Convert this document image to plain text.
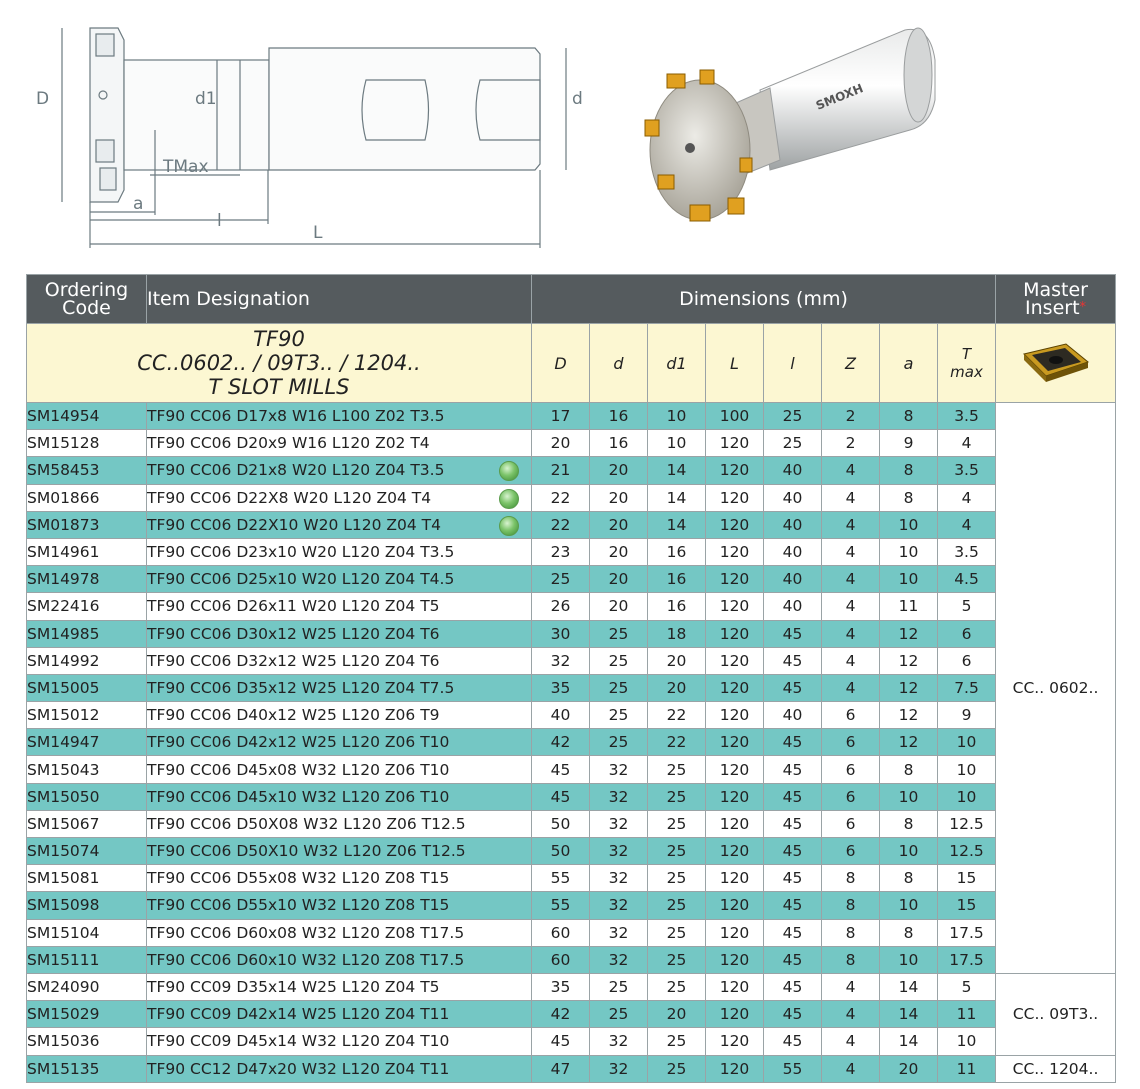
D	d1	d
TMax
a
l
L
SMOXH
Ordering
Code	Item Designation	Dimensions (mm)								Master
Insert*
TF90
CC..0602.. / 09T3.. / 1204..
T SLOT MILLS		D	d	d1	L	l	Z	a	T
max	
SM14954	TF90 CC06 D17x8 W16 L100 Z02 T3.5	17	16	10	100	25	2	8	3.5	CC.. 0602..
SM15128	TF90 CC06 D20x9 W16 L120 Z02 T4	20	16	10	120	25	2	9	4	
SM58453	TF90 CC06 D21x8 W20 L120 Z04 T3.5	21	20	14	120	40	4	8	3.5	
SM01866	TF90 CC06 D22X8 W20 L120 Z04 T4	22	20	14	120	40	4	8	4	
SM01873	TF90 CC06 D22X10 W20 L120 Z04 T4	22	20	14	120	40	4	10	4	
SM14961	TF90 CC06 D23x10 W20 L120 Z04 T3.5	23	20	16	120	40	4	10	3.5	
SM14978	TF90 CC06 D25x10 W20 L120 Z04 T4.5	25	20	16	120	40	4	10	4.5	
SM22416	TF90 CC06 D26x11 W20 L120 Z04 T5	26	20	16	120	40	4	11	5	
SM14985	TF90 CC06 D30x12 W25 L120 Z04 T6	30	25	18	120	45	4	12	6	
SM14992	TF90 CC06 D32x12 W25 L120 Z04 T6	32	25	20	120	45	4	12	6	
SM15005	TF90 CC06 D35x12 W25 L120 Z04 T7.5	35	25	20	120	45	4	12	7.5	
SM15012	TF90 CC06 D40x12 W25 L120 Z06 T9	40	25	22	120	40	6	12	9	
SM14947	TF90 CC06 D42x12 W25 L120 Z06 T10	42	25	22	120	45	6	12	10	
SM15043	TF90 CC06 D45x08 W32 L120 Z06 T10	45	32	25	120	45	6	8	10	
SM15050	TF90 CC06 D45x10 W32 L120 Z06 T10	45	32	25	120	45	6	10	10	
SM15067	TF90 CC06 D50X08 W32 L120 Z06 T12.5	50	32	25	120	45	6	8	12.5	
SM15074	TF90 CC06 D50X10 W32 L120 Z06 T12.5	50	32	25	120	45	6	10	12.5	
SM15081	TF90 CC06 D55x08 W32 L120 Z08 T15	55	32	25	120	45	8	8	15	
SM15098	TF90 CC06 D55x10 W32 L120 Z08 T15	55	32	25	120	45	8	10	15	
SM15104	TF90 CC06 D60x08 W32 L120 Z08 T17.5	60	32	25	120	45	8	8	17.5	
SM15111	TF90 CC06 D60x10 W32 L120 Z08 T17.5	60	32	25	120	45	8	10	17.5	
SM24090	TF90 CC09 D35x14 W25 L120 Z04 T5	35	25	25	120	45	4	14	5	CC.. 09T3..
SM15029	TF90 CC09 D42x14 W25 L120 Z04 T11	42	25	20	120	45	4	14	11	
SM15036	TF90 CC09 D45x14 W32 L120 Z04 T10	45	32	25	120	45	4	14	10	
SM15135	TF90 CC12 D47x20 W32 L120 Z04 T11	47	32	25	120	55	4	20	11	CC.. 1204..
